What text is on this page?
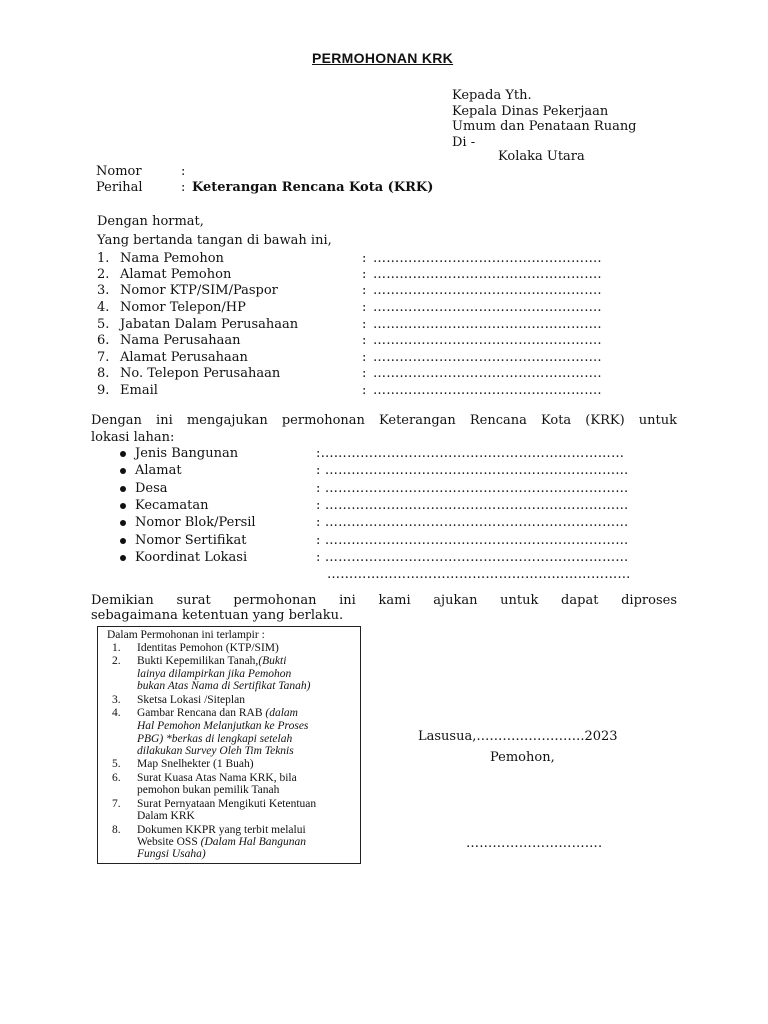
PERMOHONAN KRK
Kepada Yth.
Kepala Dinas Pekerjaan
Umum dan Penataan Ruang
Di -
Kolaka Utara
Nomor	:
Perihal	: Keterangan Rencana Kota (KRK)
Dengan hormat,
Yang bertanda tangan di bawah ini,
1. Nama Pemohon	: …………………………………………….
2. Alamat Pemohon	: …………………………………………….
3. Nomor KTP/SIM/Paspor	: …………………………………………….
4. Nomor Telepon/HP	: …………………………………………….
5. Jabatan Dalam Perusahaan	: …………………………………………….
6. Nama Perusahaan	: …………………………………………….
7. Alamat Perusahaan	: …………………………………………….
8. No. Telepon Perusahaan	: …………………………………………….
9. Email	: …………………………………………….
Dengan ini mengajukan permohonan Keterangan Rencana Kota (KRK) untuk
lokasi lahan:
Jenis Bangunan	:……………………………………………………………
Alamat	: ……………………………………………………………
Desa	: ……………………………………………………………
Kecamatan	: ……………………………………………………………
Nomor Blok/Persil	: ……………………………………………………………
Nomor Sertifikat	: ……………………………………………………………
Koordinat Lokasi	: ……………………………………………………………
……………………………………………………………
Demikian surat permohonan ini kami ajukan untuk dapat diproses
sebagaimana ketentuan yang berlaku.
Dalam Permohonan ini terlampir :
1. Identitas Pemohon (KTP/SIM)
2. Bukti Kepemilikan Tanah,(Bukti
lainya dilampirkan jika Pemohon
bukan Atas Nama di Sertifikat Tanah)
3. Sketsa Lokasi /Siteplan
4. Gambar Rencana dan RAB (dalam
Hal Pemohon Melanjutkan ke Proses
PBG) *berkas di lengkapi setelah
dilakukan Survey Oleh Tim Teknis
5. Map Snelhekter (1 Buah)
6. Surat Kuasa Atas Nama KRK, bila
pemohon bukan pemilik Tanah
7. Surat Pernyataan Mengikuti Ketentuan
Dalam KRK
8. Dokumen KKPR yang terbit melalui
Website OSS (Dalam Hal Bangunan
Fungsi Usaha)
Lasusua,…………………….2023
Pemohon,
………………………….
